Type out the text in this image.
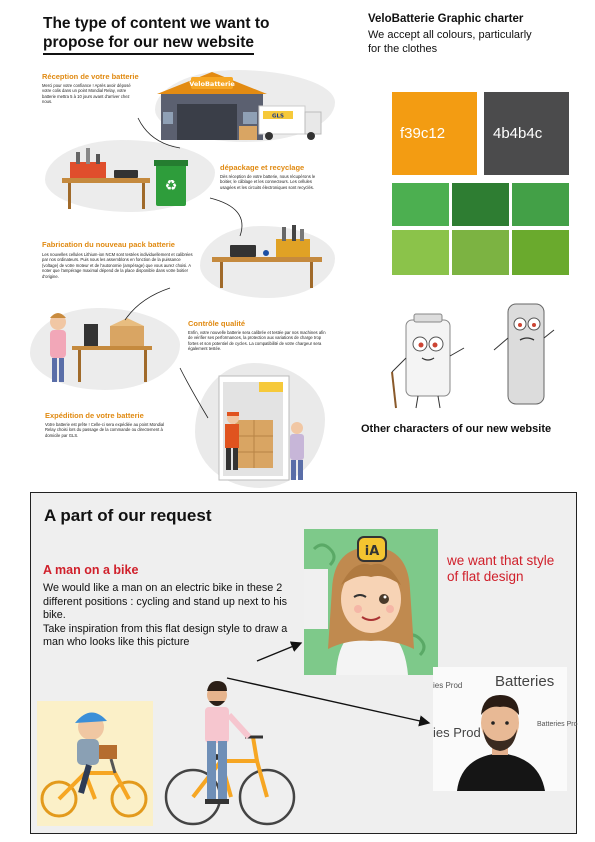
The type of content we want to
propose for our new website
Réception de votre batterie
Merci pour votre confiance ! Après avoir déposé votre colis dans un point Mondial Relay, votre batterie mettra 5 à 10 jours avant d'arriver chez nous.
VeloBatterie
GLS
♻
dépackage et recyclage
Dès réception de votre batterie, nous récupérons le boitier, le câblage et les connecteurs. Les cellules usagées et les circuits électroniques sont recyclés.
Fabrication du nouveau pack batterie
Les nouvelles cellules Lithium-ion NCM sont testées individuellement et calibrées par nos ordinateurs. Puis nous les assemblons en fonction de la puissance (voltage) de votre moteur et de l'autonomie (ampérage) que vous aurez choisi. A noter que l'ampérage maximal dépend de la place disponible dans votre boitier d'origine.
Contrôle qualité
Enfin, votre nouvelle batterie sera calibrée et testée par nos machines afin de vérifier ses performances, la protection aux variations de charge trop fortes et son potentiel de cycles. La compatibilité de votre chargeur sera également testée.
Expédition de votre batterie
Votre batterie est prête ! Celle-ci sera expédiée au point Mondial Relay choisi lors du passage de la commande ou directement à domicile par GLS.
VeloBatterie Graphic charter
We accept all colours, particularly
for the clothes
f39c12	4b4b4c
Other characters of our new website
A part of our request
A man on a bike
We would like a man on an electric bike in these 2 different positions : cycling and stand up next to his bike.
Take inspiration from this flat design style to draw a man who looks like this picture
iA
we want that style of flat design
Batteries
ies Prod
Batteries Pro
ies Prod
